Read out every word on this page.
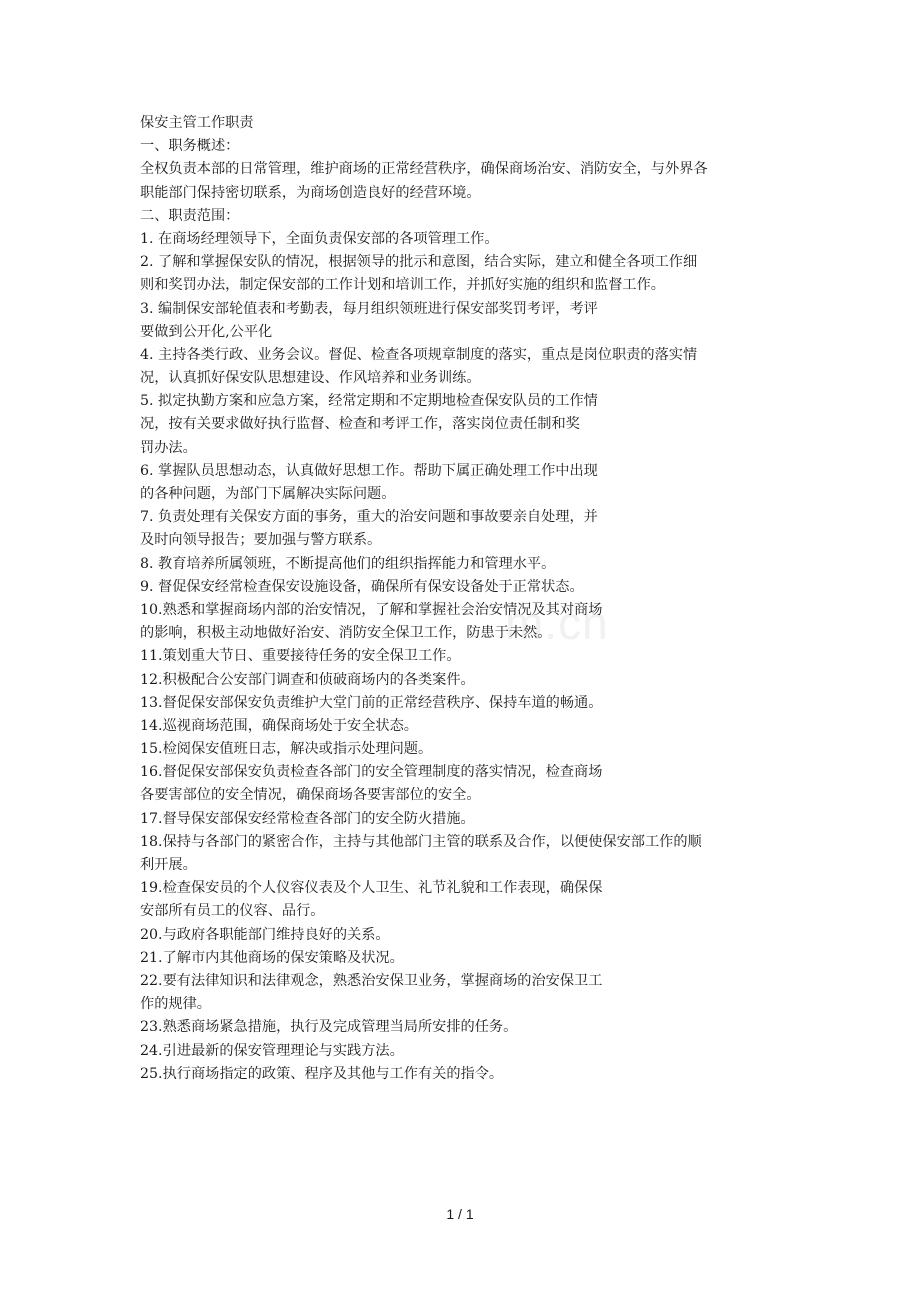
m.cn
保安主管工作职责
一、职务概述：
全权负责本部的日常管理，维护商场的正常经营秩序，确保商场治安、消防安全，与外界各
职能部门保持密切联系，为商场创造良好的经营环境。
二、职责范围：
1. 在商场经理领导下，全面负责保安部的各项管理工作。
2. 了解和掌握保安队的情况，根据领导的批示和意图，结合实际，建立和健全各项工作细
则和奖罚办法，制定保安部的工作计划和培训工作，并抓好实施的组织和监督工作。
3. 编制保安部轮值表和考勤表，每月组织领班进行保安部奖罚考评，考评
要做到公开化,公平化
4. 主持各类行政、业务会议。督促、检查各项规章制度的落实，重点是岗位职责的落实情
况，认真抓好保安队思想建设、作风培养和业务训练。
5. 拟定执勤方案和应急方案，经常定期和不定期地检查保安队员的工作情
况，按有关要求做好执行监督、检查和考评工作，落实岗位责任制和奖
罚办法。
6. 掌握队员思想动态，认真做好思想工作。帮助下属正确处理工作中出现
的各种问题，为部门下属解决实际问题。
7. 负责处理有关保安方面的事务，重大的治安问题和事故要亲自处理，并
及时向领导报告；要加强与警方联系。
8. 教育培养所属领班，不断提高他们的组织指挥能力和管理水平。
9. 督促保安经常检查保安设施设备，确保所有保安设备处于正常状态。
10.熟悉和掌握商场内部的治安情况，了解和掌握社会治安情况及其对商场
的影响，积极主动地做好治安、消防安全保卫工作，防患于未然。
11.策划重大节日、重要接待任务的安全保卫工作。
12.积极配合公安部门调查和侦破商场内的各类案件。
13.督促保安部保安负责维护大堂门前的正常经营秩序、保持车道的畅通。
14.巡视商场范围，确保商场处于安全状态。
15.检阅保安值班日志，解决或指示处理问题。
16.督促保安部保安负责检查各部门的安全管理制度的落实情况，检查商场
各要害部位的安全情况，确保商场各要害部位的安全。
17.督导保安部保安经常检查各部门的安全防火措施。
18.保持与各部门的紧密合作，主持与其他部门主管的联系及合作，以便使保安部工作的顺
利开展。
19.检查保安员的个人仪容仪表及个人卫生、礼节礼貌和工作表现，确保保
安部所有员工的仪容、品行。
20.与政府各职能部门维持良好的关系。
21.了解市内其他商场的保安策略及状况。
22.要有法律知识和法律观念，熟悉治安保卫业务，掌握商场的治安保卫工
作的规律。
23.熟悉商场紧急措施，执行及完成管理当局所安排的任务。
24.引进最新的保安管理理论与实践方法。
25.执行商场指定的政策、程序及其他与工作有关的指令。
1 / 1
